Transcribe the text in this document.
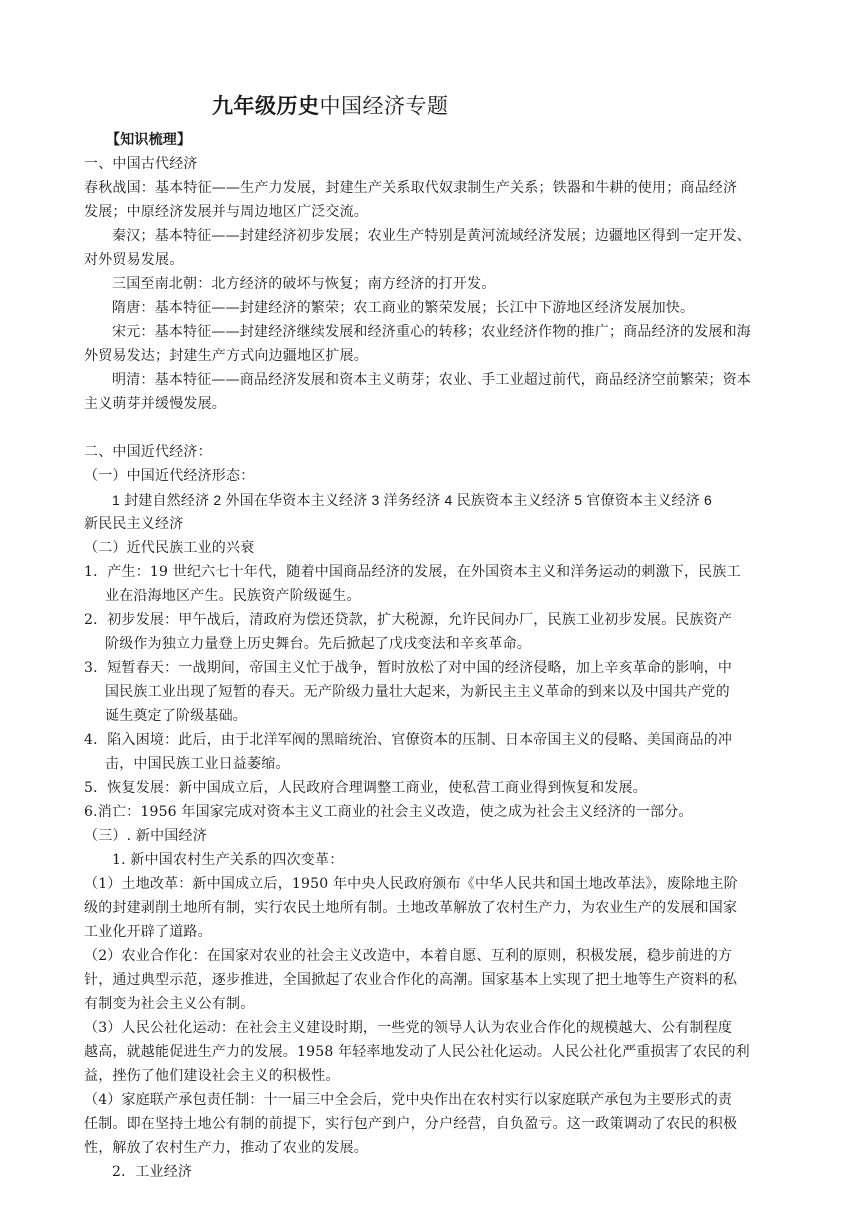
九年级历史中国经济专题
【知识梳理】
一、中国古代经济
春秋战国：基本特征——生产力发展，封建生产关系取代奴隶制生产关系；铁器和牛耕的使用；商品经济
发展；中原经济发展并与周边地区广泛交流。
秦汉；基本特征——封建经济初步发展；农业生产特别是黄河流域经济发展；边疆地区得到一定开发、
对外贸易发展。
三国至南北朝：北方经济的破坏与恢复；南方经济的打开发。
隋唐：基本特征——封建经济的繁荣；农工商业的繁荣发展；长江中下游地区经济发展加快。
宋元：基本特征——封建经济继续发展和经济重心的转移；农业经济作物的推广；商品经济的发展和海
外贸易发达；封建生产方式向边疆地区扩展。
明清：基本特征——商品经济发展和资本主义萌芽；农业、手工业超过前代，商品经济空前繁荣；资本
主义萌芽并缓慢发展。
二、中国近代经济：
（一）中国近代经济形态：
1 封建自然经济 2 外国在华资本主义经济 3 洋务经济 4 民族资本主义经济 5 官僚资本主义经济 6
新民民主义经济
（二）近代民族工业的兴衰
1．产生：19 世纪六七十年代，随着中国商品经济的发展，在外国资本主义和洋务运动的刺激下，民族工
业在沿海地区产生。民族资产阶级诞生。
2．初步发展：甲午战后，清政府为偿还贷款，扩大税源，允许民间办厂，民族工业初步发展。民族资产
阶级作为独立力量登上历史舞台。先后掀起了戊戌变法和辛亥革命。
3．短暂春天：一战期间，帝国主义忙于战争，暂时放松了对中国的经济侵略，加上辛亥革命的影响，中
国民族工业出现了短暂的春天。无产阶级力量壮大起来，为新民主主义革命的到来以及中国共产党的
诞生奠定了阶级基础。
4．陷入困境：此后，由于北洋军阀的黑暗统治、官僚资本的压制、日本帝国主义的侵略、美国商品的冲
击，中国民族工业日益萎缩。
5．恢复发展：新中国成立后，人民政府合理调整工商业，使私营工商业得到恢复和发展。
6.消亡：1956 年国家完成对资本主义工商业的社会主义改造，使之成为社会主义经济的一部分。
（三）. 新中国经济
1. 新中国农村生产关系的四次变革：
（1）土地改革：新中国成立后，1950 年中央人民政府颁布《中华人民共和国土地改革法》，废除地主阶
级的封建剥削土地所有制，实行农民土地所有制。土地改革解放了农村生产力，为农业生产的发展和国家
工业化开辟了道路。
（2）农业合作化：在国家对农业的社会主义改造中，本着自愿、互利的原则，积极发展，稳步前进的方
针，通过典型示范，逐步推进，全国掀起了农业合作化的高潮。国家基本上实现了把土地等生产资料的私
有制变为社会主义公有制。
（3）人民公社化运动：在社会主义建设时期，一些党的领导人认为农业合作化的规模越大、公有制程度
越高，就越能促进生产力的发展。1958 年轻率地发动了人民公社化运动。人民公社化严重损害了农民的利
益，挫伤了他们建设社会主义的积极性。
（4）家庭联产承包责任制：十一届三中全会后，党中央作出在农村实行以家庭联产承包为主要形式的责
任制。即在坚持土地公有制的前提下，实行包产到户，分户经营，自负盈亏。这一政策调动了农民的积极
性，解放了农村生产力，推动了农业的发展。
2．工业经济
